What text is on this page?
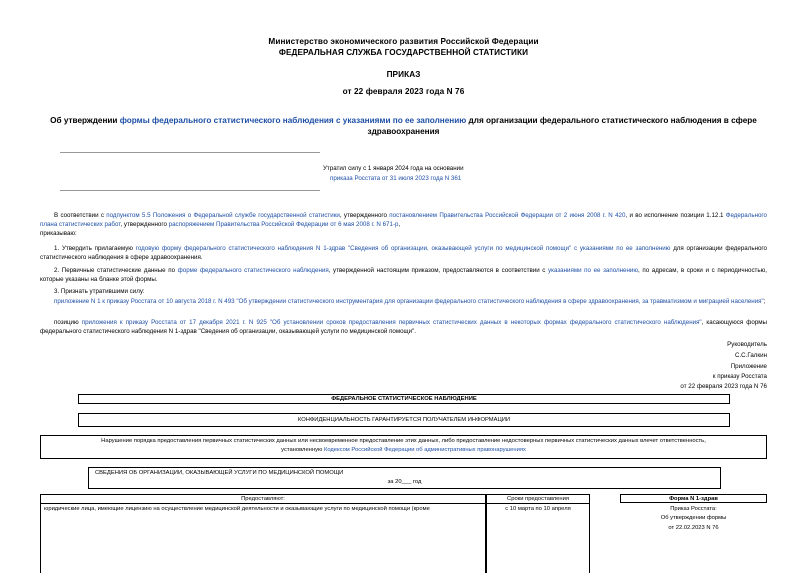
Министерство экономического развития Российской Федерации
ФЕДЕРАЛЬНАЯ СЛУЖБА ГОСУДАРСТВЕННОЙ СТАТИСТИКИ
ПРИКАЗ
от 22 февраля 2023 года N 76
Об утверждении формы федерального статистического наблюдения с указаниями по ее заполнению для организации федерального статистического наблюдения в сфере здравоохранения
Утратил силу с 1 января 2024 года на основании
приказа Росстата от 31 июля 2023 года N 361

В соответствии с подпунктом 5.5 Положения о Федеральной службе государственной статистики, утвержденного постановлением Правительства Российской Федерации от 2 июня 2008 г. N 420, и во исполнение позиции 1.12.1 Федерального плана статистических работ, утвержденного распоряжением Правительства Российской Федерации от 6 мая 2008 г. N 671-р,

приказываю:

1. Утвердить прилагаемую годовую форму федерального статистического наблюдения N 1-здрав "Сведения об организации, оказывающей услуги по медицинской помощи" с указаниями по ее заполнению для организации федерального статистического наблюдения в сфере здравоохранения.

2. Первичные статистические данные по форме федерального статистического наблюдения, утвержденной настоящим приказом, предоставляются в соответствии с указаниями по ее заполнению, по адресам, в сроки и с периодичностью, которые указаны на бланке этой формы.

3. Признать утратившими силу:

приложение N 1 к приказу Росстата от 10 августа 2018 г. N 493 "Об утверждении статистического инструментария для организации федерального статистического наблюдения в сфере здравоохранения, за травматизмом и миграцией населения";

позицию приложения к приказу Росстата от 17 декабря 2021 г. N 925 "Об установлении сроков предоставления первичных статистических данных в некоторых формах федерального статистического наблюдения", касающуюся формы федерального статистического наблюдения N 1-здрав "Сведения об организации, оказывающей услуги по медицинской помощи".

Руководитель
С.С.Галкин
Приложение
к приказу Росстата
от 22 февраля 2023 года N 76
ФЕДЕРАЛЬНОЕ СТАТИСТИЧЕСКОЕ НАБЛЮДЕНИЕ
КОНФИДЕНЦИАЛЬНОСТЬ ГАРАНТИРУЕТСЯ ПОЛУЧАТЕЛЕМ ИНФОРМАЦИИ
Нарушение порядка предоставления первичных статистических данных или несвоевременное предоставление этих данных, либо предоставление недостоверных первичных статистических данных влечет ответственность,
установленную Кодексом Российской Федерации об административных правонарушениях
СВЕДЕНИЯ ОБ ОРГАНИЗАЦИИ, ОКАЗЫВАЮЩЕЙ УСЛУГИ ПО МЕДИЦИНСКОЙ ПОМОЩИ
за 20___ год
Предоставляют:	Сроки предоставления	Форма N 1-здрав
юридические лица, имеющие лицензию на осуществление медицинской деятельности и оказывающие услуги по медицинской помощи (кроме	с 10 марта по 10 апреля	Приказ Росстата:
Об утверждении формы
от 22.02.2023 N 76
